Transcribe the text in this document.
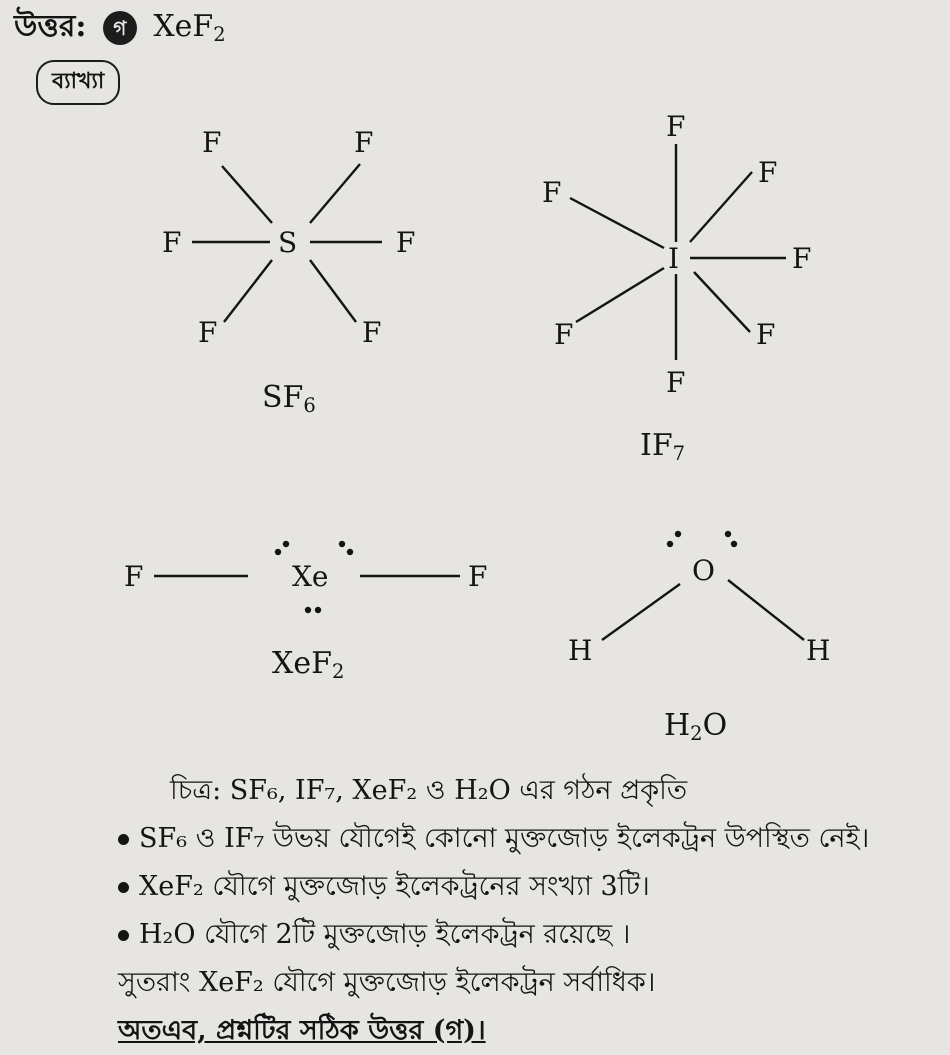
উত্তর: গ XeF$_2$
ব্যাখ্যা
S
F	F
F	F
F	F
$SF_6$
I
F
F
F
F
F	F
F
$IF_7$
Xe
F	F
XeF$_2$
O
H	H
$H_2O$
চিত্র: SF₆, IF₇, XeF₂ ও H₂O এর গঠন প্রকৃতি
SF₆ ও IF₇ উভয় যৌগেই কোনো মুক্তজোড় ইলেকট্রন উপস্থিত নেই।
XeF₂ যৌগে মুক্তজোড় ইলেকট্রনের সংখ্যা 3টি।
H₂O যৌগে 2টি মুক্তজোড় ইলেকট্রন রয়েছে ।
সুতরাং XeF₂ যৌগে মুক্তজোড় ইলেকট্রন সর্বাধিক।
অতএব, প্রশ্নটির সঠিক উত্তর (গ)।
